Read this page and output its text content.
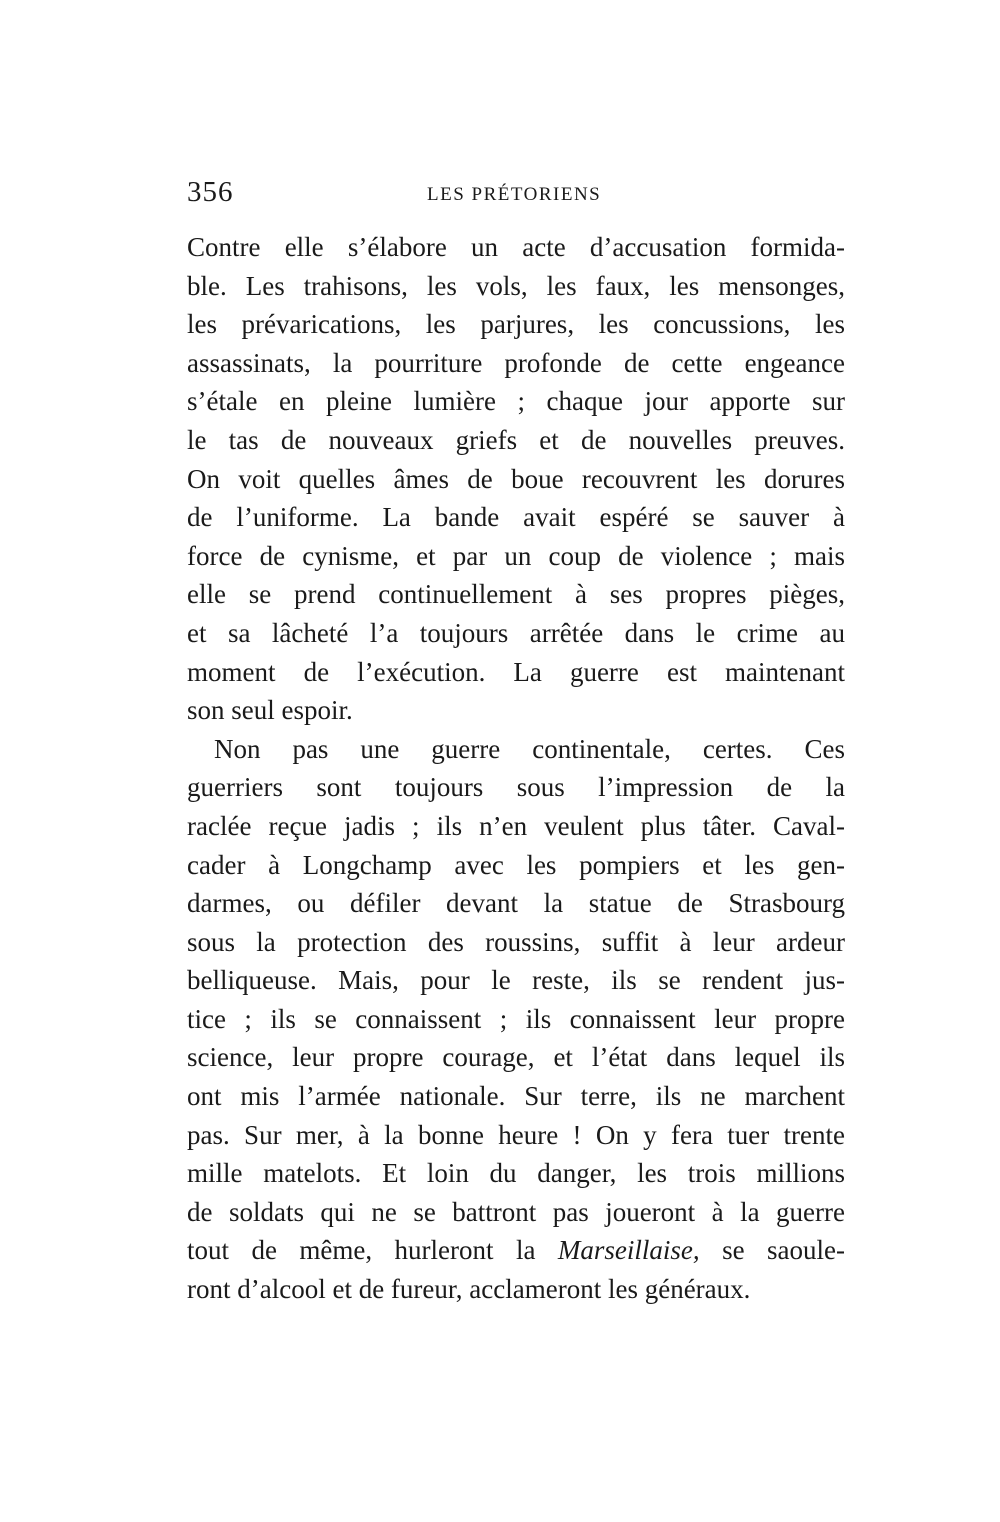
356	LES PRÉTORIENS
Contre elle s’élabore un acte d’accusation formida-
ble. Les trahisons, les vols, les faux, les mensonges,
les prévarications, les parjures, les concussions, les
assassinats, la pourriture profonde de cette engeance
s’étale en pleine lumière ; chaque jour apporte sur
le tas de nouveaux griefs et de nouvelles preuves.
On voit quelles âmes de boue recouvrent les dorures
de l’uniforme. La bande avait espéré se sauver à
force de cynisme, et par un coup de violence ; mais
elle se prend continuellement à ses propres pièges,
et sa lâcheté l’a toujours arrêtée dans le crime au
moment de l’exécution. La guerre est maintenant
son seul espoir.
Non pas une guerre continentale, certes. Ces
guerriers sont toujours sous l’impression de la
raclée reçue jadis ; ils n’en veulent plus tâter. Caval-
cader à Longchamp avec les pompiers et les gen-
darmes, ou défiler devant la statue de Strasbourg
sous la protection des roussins, suffit à leur ardeur
belliqueuse. Mais, pour le reste, ils se rendent jus-
tice ; ils se connaissent ; ils connaissent leur propre
science, leur propre courage, et l’état dans lequel ils
ont mis l’armée nationale. Sur terre, ils ne marchent
pas. Sur mer, à la bonne heure ! On y fera tuer trente
mille matelots. Et loin du danger, les trois millions
de soldats qui ne se battront pas joueront à la guerre
tout de même, hurleront la Marseillaise, se saoule-
ront d’alcool et de fureur, acclameront les généraux.
